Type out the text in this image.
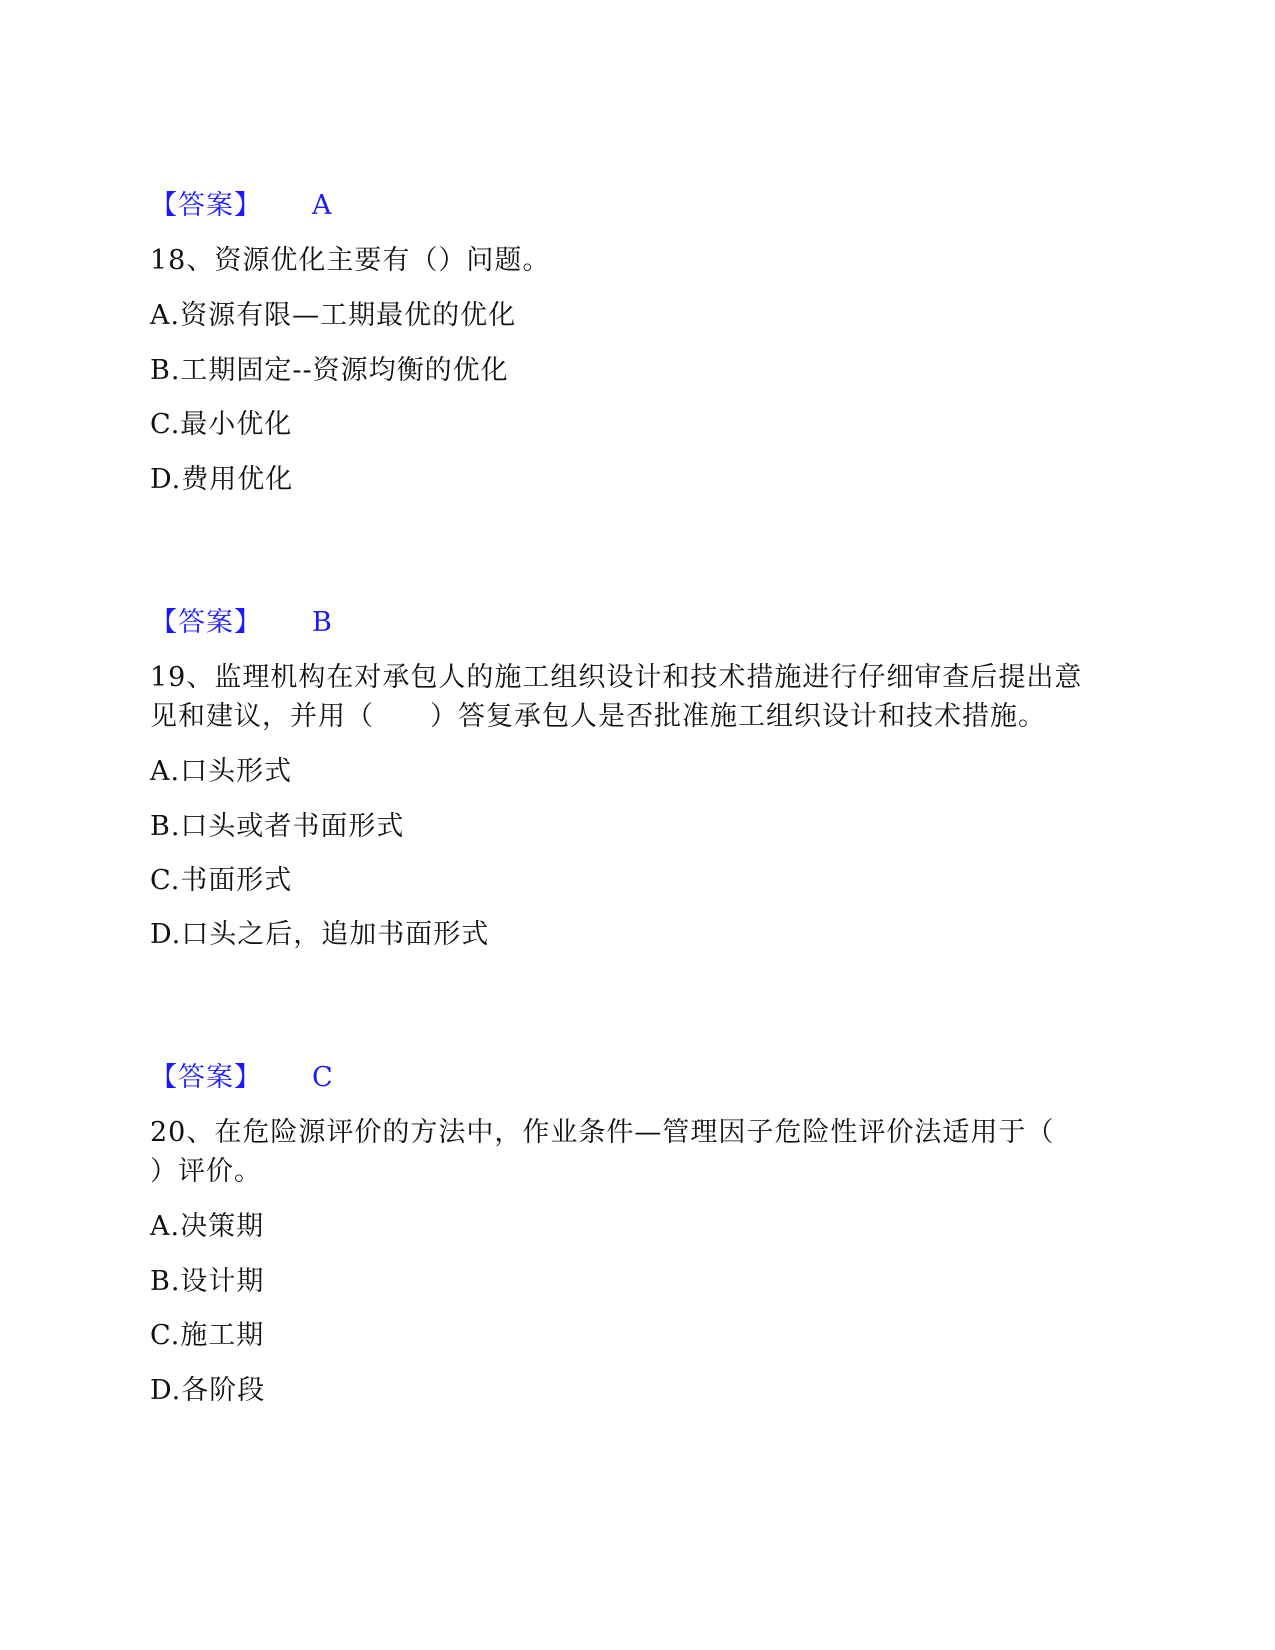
【答案】 A
18、资源优化主要有（）问题。
A.资源有限—工期最优的优化
B.工期固定--资源均衡的优化
C.最小优化
D.费用优化
【答案】 B
19、监理机构在对承包人的施工组织设计和技术措施进行仔细审查后提出意
见和建议，并用（　　）答复承包人是否批准施工组织设计和技术措施。
A.口头形式
B.口头或者书面形式
C.书面形式
D.口头之后，追加书面形式
【答案】 C
20、在危险源评价的方法中，作业条件—管理因子危险性评价法适用于（
）评价。
A.决策期
B.设计期
C.施工期
D.各阶段
